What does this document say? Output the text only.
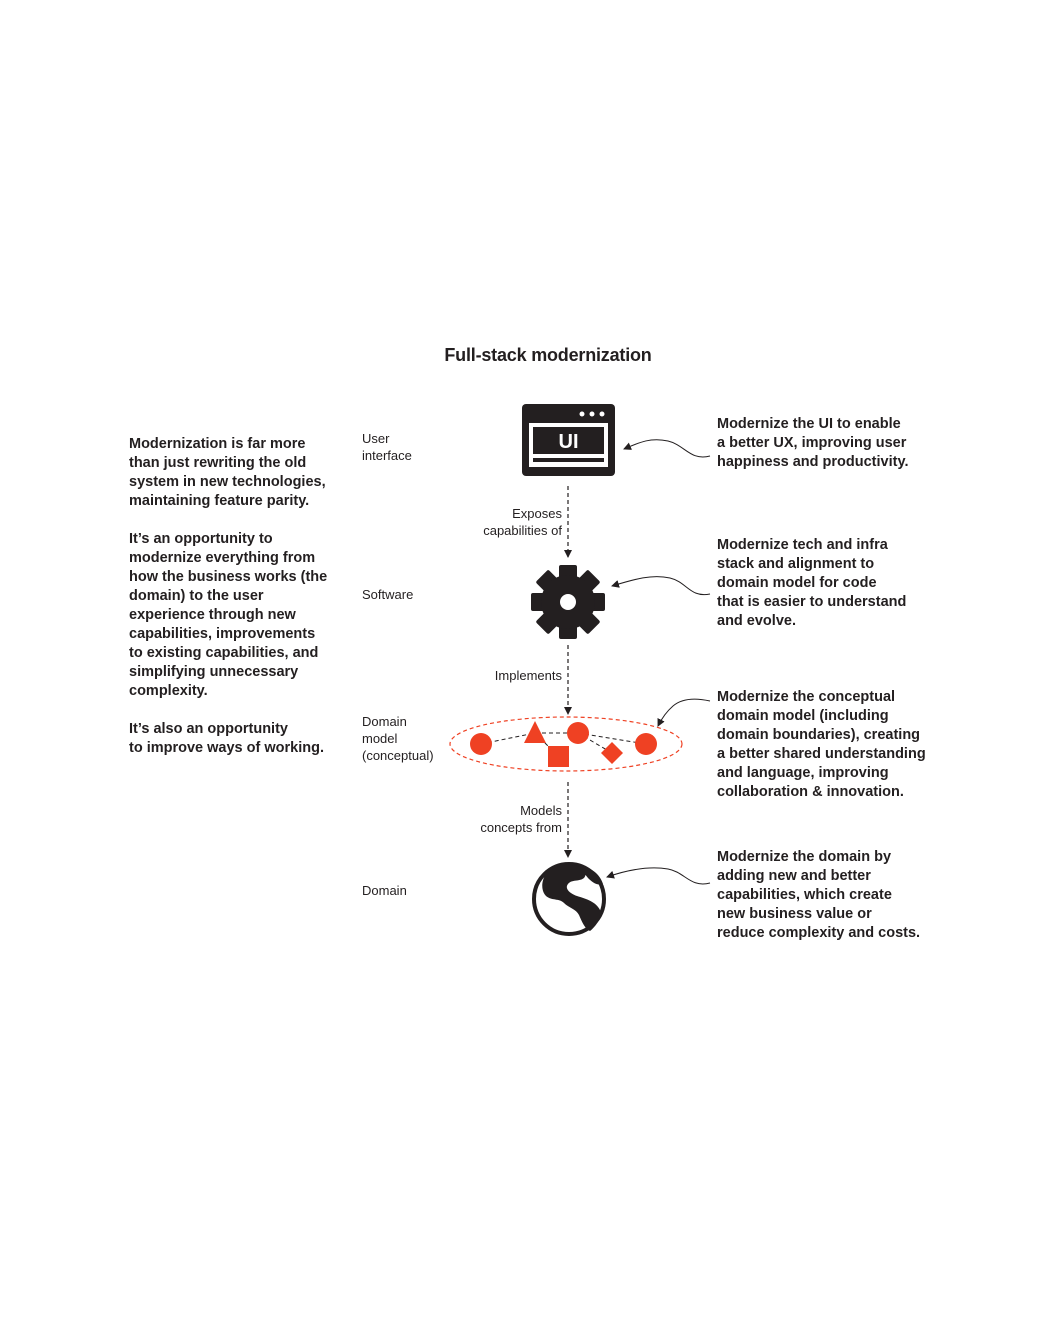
Full-stack modernization

Modernization is far more
than just rewriting the old
system in new technologies,
maintaining feature parity.

It’s an opportunity to
modernize everything from
how the business works (the
domain) to the user
experience through new
capabilities, improvements
to existing capabilities, and
simplifying unnecessary
complexity.

It’s also an opportunity
to improve ways of working.

User
interface
Software
Domain
model
(conceptual)
Domain
Exposes
capabilities of
Implements
Models
concepts from
Modernize the UI to enable
a better UX, improving user
happiness and productivity.
Modernize tech and infra
stack and alignment to
domain model for code
that is easier to understand
and evolve.
Modernize the conceptual
domain model (including
domain boundaries), creating
a better shared understanding
and language, improving
collaboration & innovation.
Modernize the domain by
adding new and better
capabilities, which create
new business value or
reduce complexity and costs.
UI
